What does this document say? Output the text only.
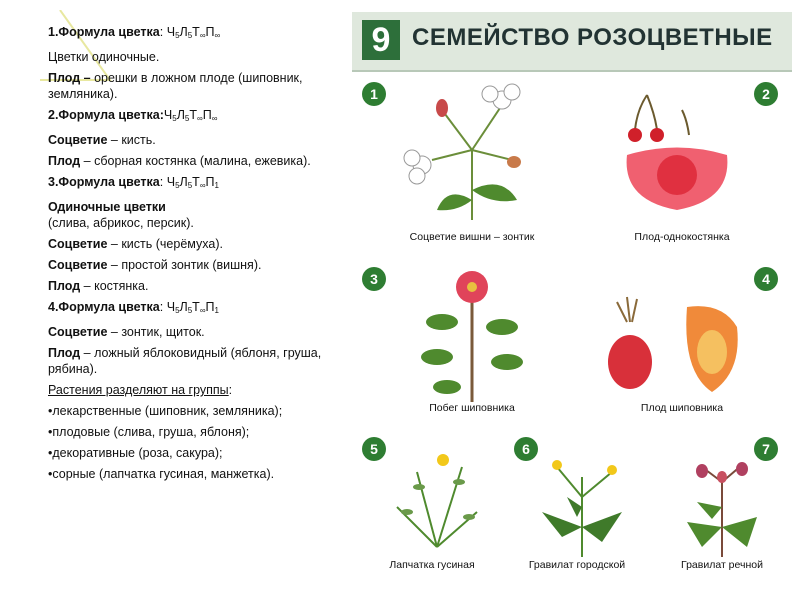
1.Формула цветка: $Ч_5Л_5Т_\infty П_\infty$

Цветки одиночные.

Плод – орешки в ложном плоде (шиповник, земляника).

2.Формула $цветка:Ч_5Л_5Т_\infty П_\infty$

Соцветие – кисть.

Плод – сборная костянка (малина, ежевика).

3.Формула цветка: $Ч_5Л_5Т_\infty П_1$

Одиночные цветки
(слива, абрикос, персик).

Соцветие – кисть (черёмуха).

Соцветие – простой зонтик (вишня).

Плод – костянка.

4.Формула цветка: $Ч_5Л_5Т_\infty П_1$

Соцветие – зонтик, щиток.

Плод – ложный яблоковидный (яблоня, груша, рябина).

Растения разделяют на группы:

•лекарственные (шиповник, земляника);

•плодовые (слива, груша, яблоня);

•декоративные (роза, сакура);

•сорные (лапчатка гусиная, манжетка).

9 СЕМЕЙСТВО РОЗОЦВЕТНЫЕ
1
Соцветие вишни – зонтик
2
Плод-однокостянка
3
Побег шиповника
4
Плод шиповника
5
Лапчатка гусиная
6
Гравилат городской
7
Гравилат речной
